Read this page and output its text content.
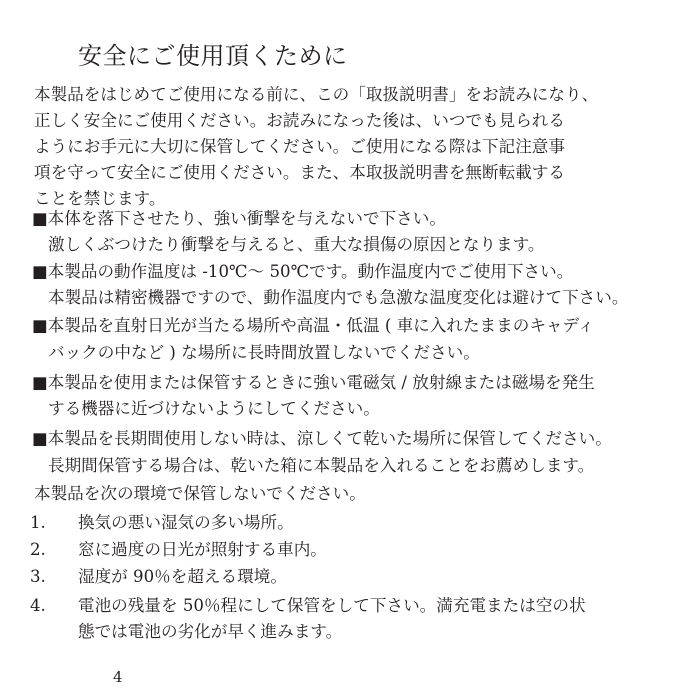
安全にご使用頂くために

本製品をはじめてご使用になる前に、この「取扱説明書」をお読みになり、
正しく安全にご使用ください。お読みになった後は、いつでも見られる
ようにお手元に大切に保管してください。ご使用になる際は下記注意事
項を守って安全にご使用ください。また、本取扱説明書を無断転載する
ことを禁じます。

■本体を落下させたり、強い衝撃を与えないで下さい。
激しくぶつけたり衝撃を与えると、重大な損傷の原因となります。
■本製品の動作温度は -10℃～ 50℃です。動作温度内でご使用下さい。
本製品は精密機器ですので、動作温度内でも急激な温度変化は避けて下さい。
■本製品を直射日光が当たる場所や高温・低温 ( 車に入れたままのキャディ
バックの中など ) な場所に長時間放置しないでください。
■本製品を使用または保管するときに強い電磁気 / 放射線または磁場を発生
する機器に近づけないようにしてください。
■本製品を長期間使用しない時は、涼しくて乾いた場所に保管してください。
長期間保管する場合は、乾いた箱に本製品を入れることをお薦めします。
本製品を次の環境で保管しないでください。
1. 換気の悪い湿気の多い場所。
2. 窓に過度の日光が照射する車内。
3. 湿度が 90％を超える環境。
4. 電池の残量を 50％程にして保管をして下さい。満充電または空の状
態では電池の劣化が早く進みます。
4
